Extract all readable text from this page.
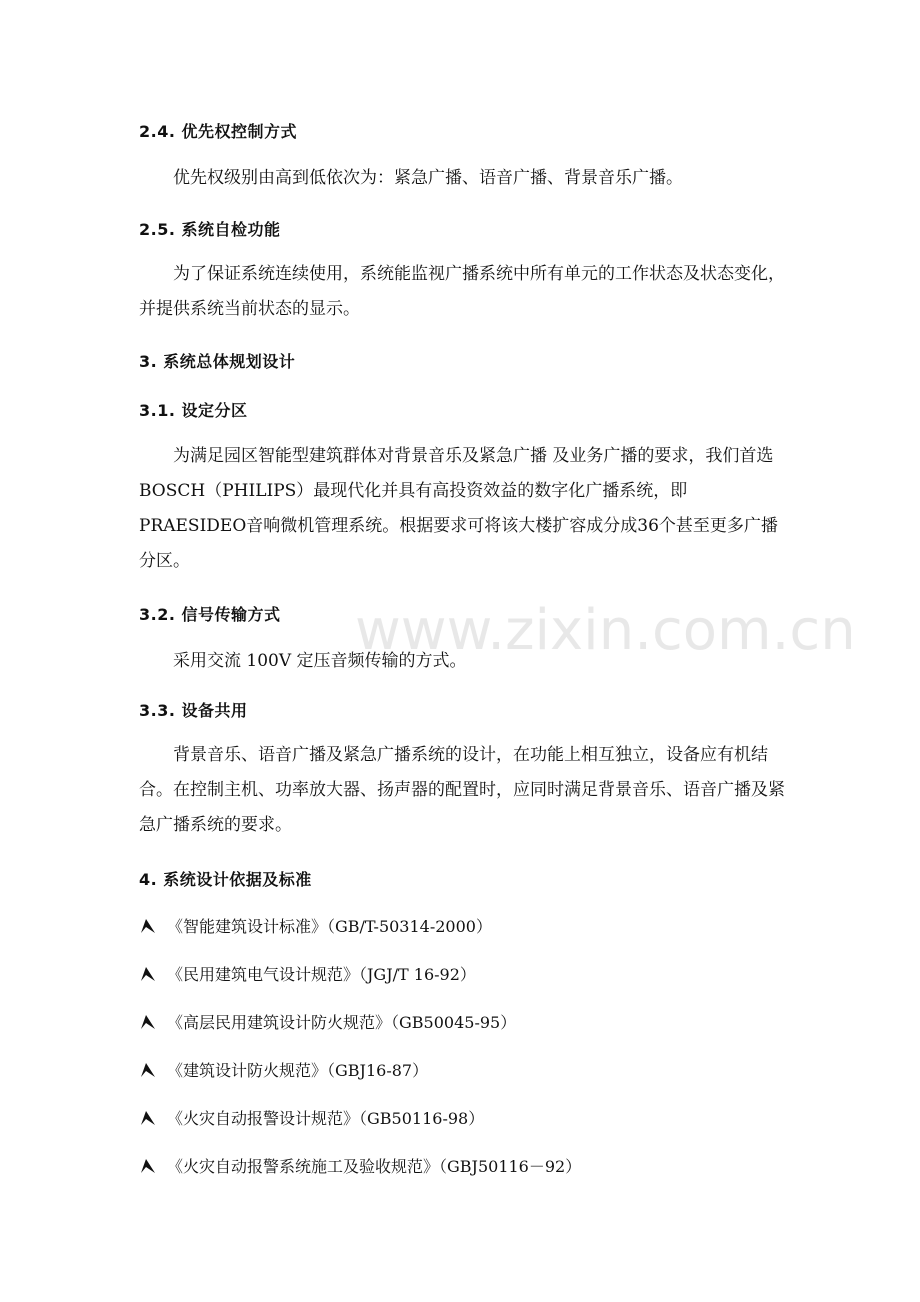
2.4. 优先权控制方式
优先权级别由高到低依次为：紧急广播、语音广播、背景音乐广播。
2.5. 系统自检功能
为了保证系统连续使用，系统能监视广播系统中所有单元的工作状态及状态变化，并提供系统当前状态的显示。
3. 系统总体规划设计
3.1. 设定分区
为满足园区智能型建筑群体对背景音乐及紧急广播 及业务广播的要求，我们首选BOSCH（PHILIPS）最现代化并具有高投资效益的数字化广播系统，即PRAESIDEO音响微机管理系统。根据要求可将该大楼扩容成分成36个甚至更多广播分区。
3.2. 信号传输方式
采用交流 100V 定压音频传输的方式。
3.3. 设备共用
背景音乐、语音广播及紧急广播系统的设计，在功能上相互独立，设备应有机结合。在控制主机、功率放大器、扬声器的配置时，应同时满足背景音乐、语音广播及紧急广播系统的要求。
4. 系统设计依据及标准
《智能建筑设计标准》（GB/T-50314-2000）
《民用建筑电气设计规范》（JGJ/T 16-92）
《高层民用建筑设计防火规范》（GB50045-95）
《建筑设计防火规范》（GBJ16-87）
《火灾自动报警设计规范》（GB50116-98）
《火灾自动报警系统施工及验收规范》（GBJ50116－92）
www.zixin.com.cn
